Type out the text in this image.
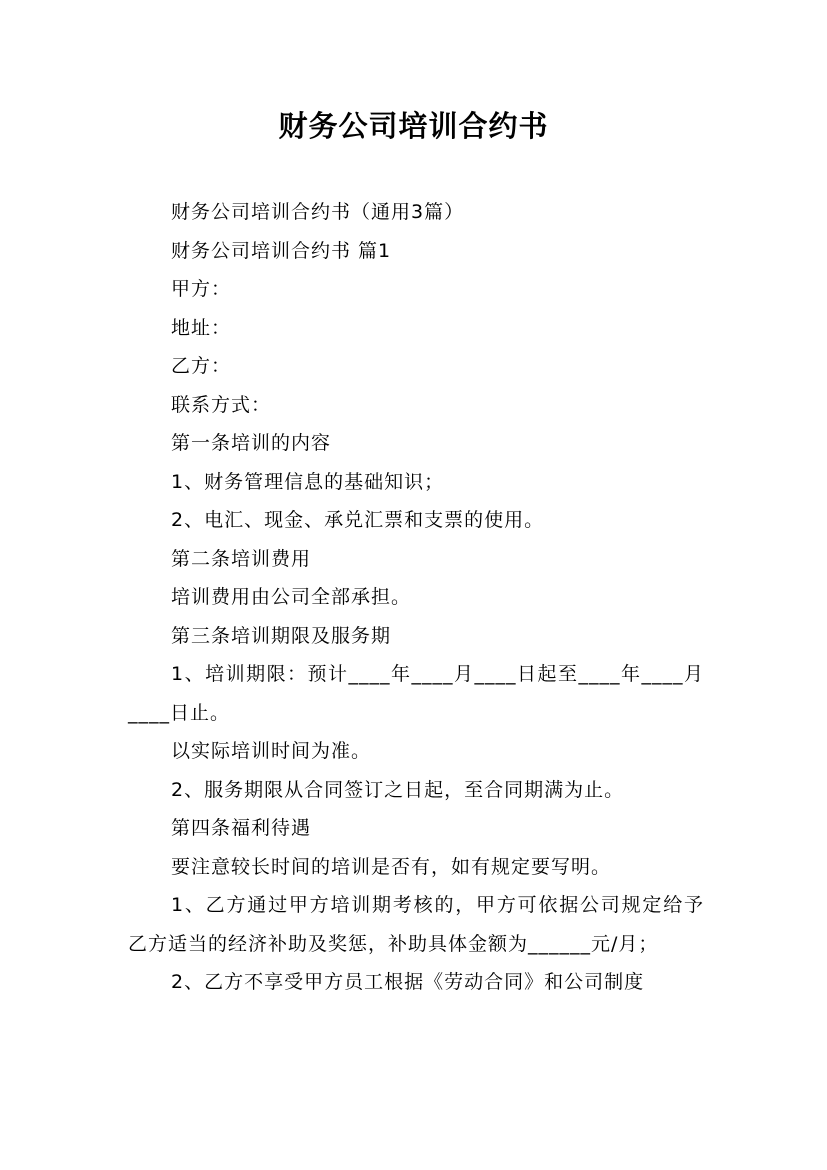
财务公司培训合约书

财务公司培训合约书（通用3篇）

财务公司培训合约书 篇1

甲方：

地址：

乙方：

联系方式：

第一条培训的内容

1、财务管理信息的基础知识；

2、电汇、现金、承兑汇票和支票的使用。

第二条培训费用

培训费用由公司全部承担。

第三条培训期限及服务期

1、培训期限：预计____年____月____日起至____年____月____日止。

以实际培训时间为准。

2、服务期限从合同签订之日起，至合同期满为止。

第四条福利待遇

要注意较长时间的培训是否有，如有规定要写明。

1、乙方通过甲方培训期考核的，甲方可依据公司规定给予乙方适当的经济补助及奖惩，补助具体金额为______元/月；

2、乙方不享受甲方员工根据《劳动合同》和公司制度
